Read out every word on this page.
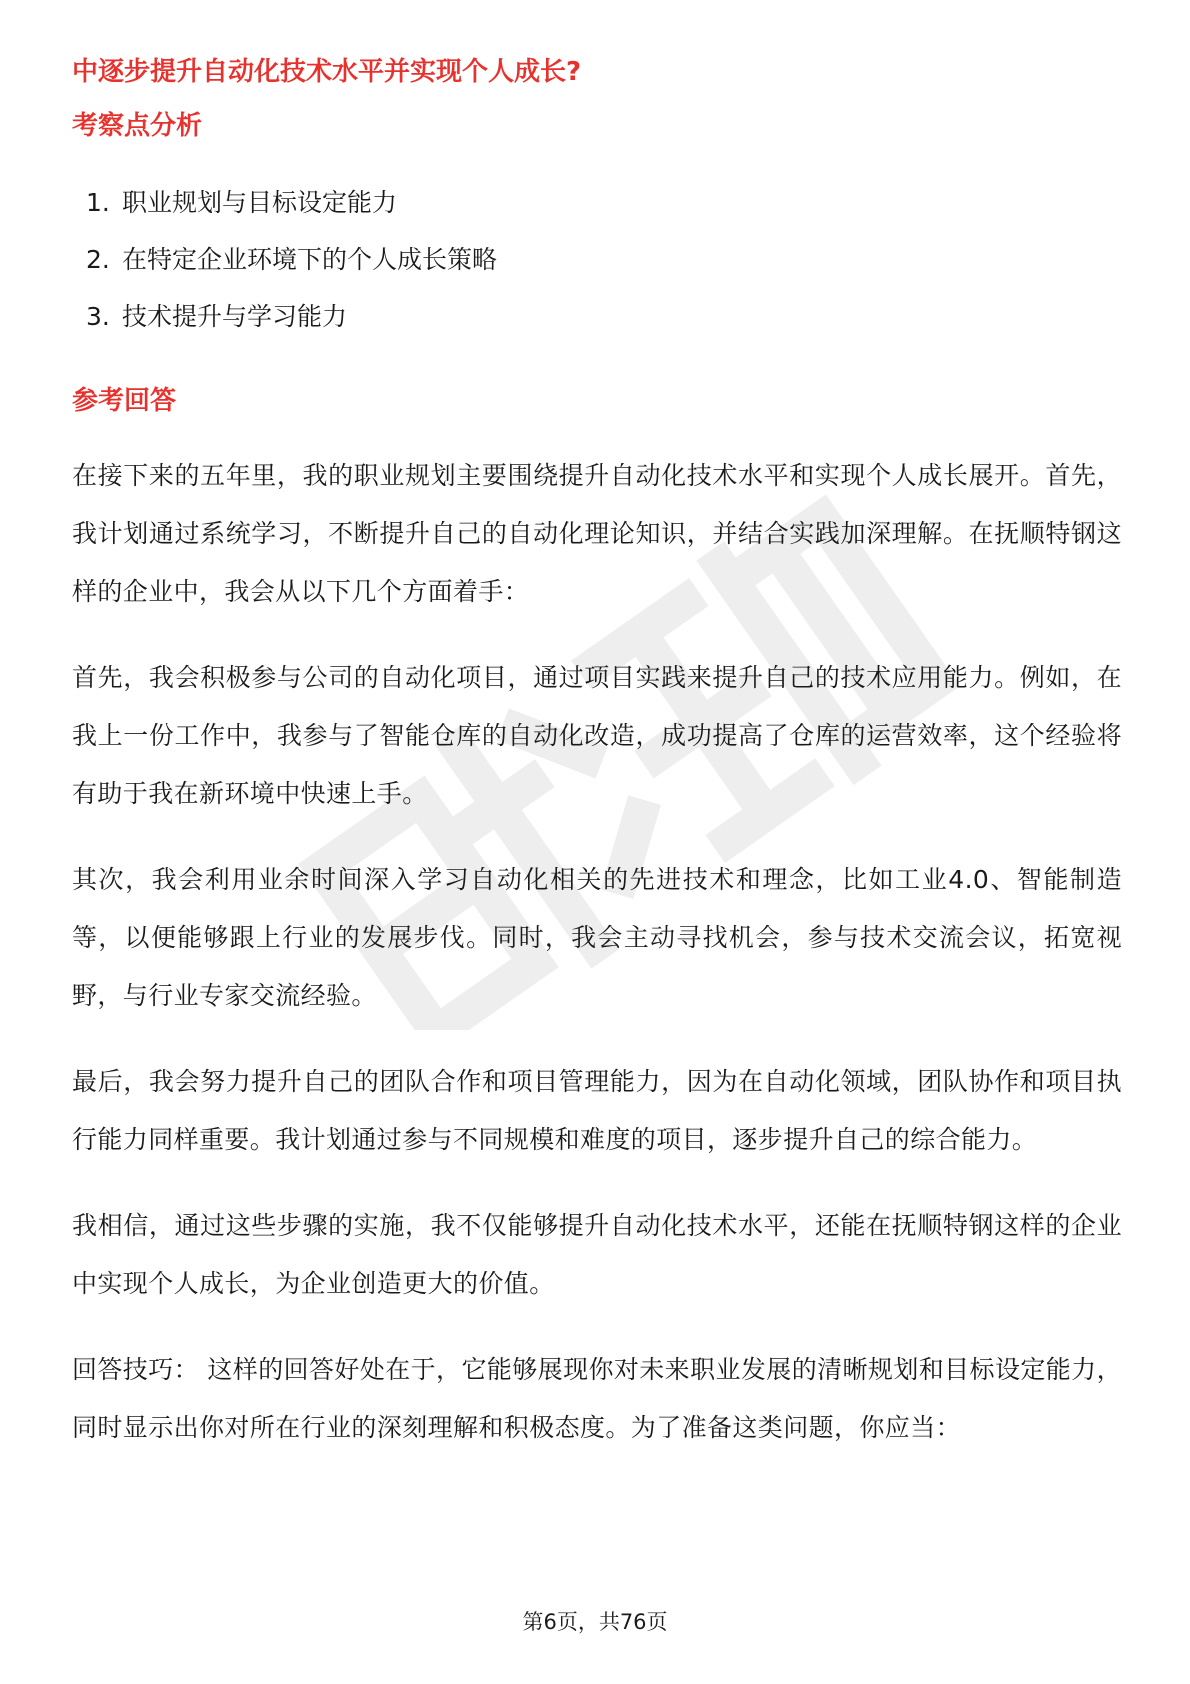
中逐步提升自动化技术水平并实现个人成长?
考察点分析
1. 职业规划与目标设定能力
2. 在特定企业环境下的个人成长策略
3. 技术提升与学习能力
参考回答

在接下来的五年里，我的职业规划主要围绕提升自动化技术水平和实现个人成长展开。首先，我计划通过系统学习，不断提升自己的自动化理论知识，并结合实践加深理解。在抚顺特钢这样的企业中，我会从以下几个方面着手：

首先，我会积极参与公司的自动化项目，通过项目实践来提升自己的技术应用能力。例如，在我上一份工作中，我参与了智能仓库的自动化改造，成功提高了仓库的运营效率，这个经验将有助于我在新环境中快速上手。

其次，我会利用业余时间深入学习自动化相关的先进技术和理念，比如工业4.0、智能制造等，以便能够跟上行业的发展步伐。同时，我会主动寻找机会，参与技术交流会议，拓宽视野，与行业专家交流经验。

最后，我会努力提升自己的团队合作和项目管理能力，因为在自动化领域，团队协作和项目执行能力同样重要。我计划通过参与不同规模和难度的项目，逐步提升自己的综合能力。

我相信，通过这些步骤的实施，我不仅能够提升自动化技术水平，还能在抚顺特钢这样的企业中实现个人成长，为企业创造更大的价值。

回答技巧： 这样的回答好处在于，它能够展现你对未来职业发展的清晰规划和目标设定能力，同时显示出你对所在行业的深刻理解和积极态度。为了准备这类问题，你应当：

第6页，共76页
